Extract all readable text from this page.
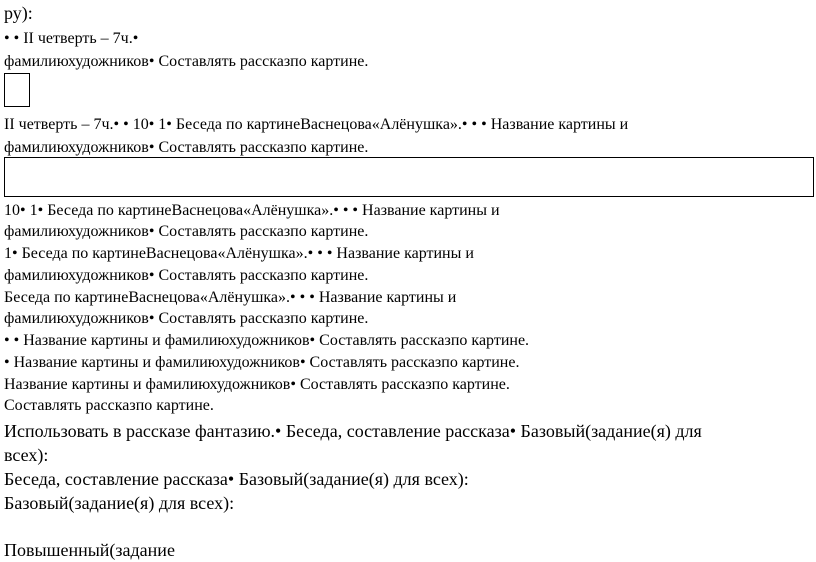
ру):
• • II четверть – 7ч.•
фамилиюхудожников• Составлять рассказпо картине.
II четверть – 7ч.• • 10• 1• Беседа по картинеВаснецова«Алёнушка».• • • Название картины и
фамилиюхудожников• Составлять рассказпо картине.
10• 1• Беседа по картинеВаснецова«Алёнушка».• • • Название картины и
фамилиюхудожников• Составлять рассказпо картине.
1• Беседа по картинеВаснецова«Алёнушка».• • • Название картины и
фамилиюхудожников• Составлять рассказпо картине.
Беседа по картинеВаснецова«Алёнушка».• • • Название картины и
фамилиюхудожников• Составлять рассказпо картине.
• • Название картины и фамилиюхудожников• Составлять рассказпо картине.
• Название картины и фамилиюхудожников• Составлять рассказпо картине.
Название картины и фамилиюхудожников• Составлять рассказпо картине.
Составлять рассказпо картине.
Использовать в рассказе фантазию.• Беседа, составление рассказа• Базовый(задание(я) для
всех):
Беседа, составление рассказа• Базовый(задание(я) для всех):
Базовый(задание(я) для всех):
Повышенный(задание
